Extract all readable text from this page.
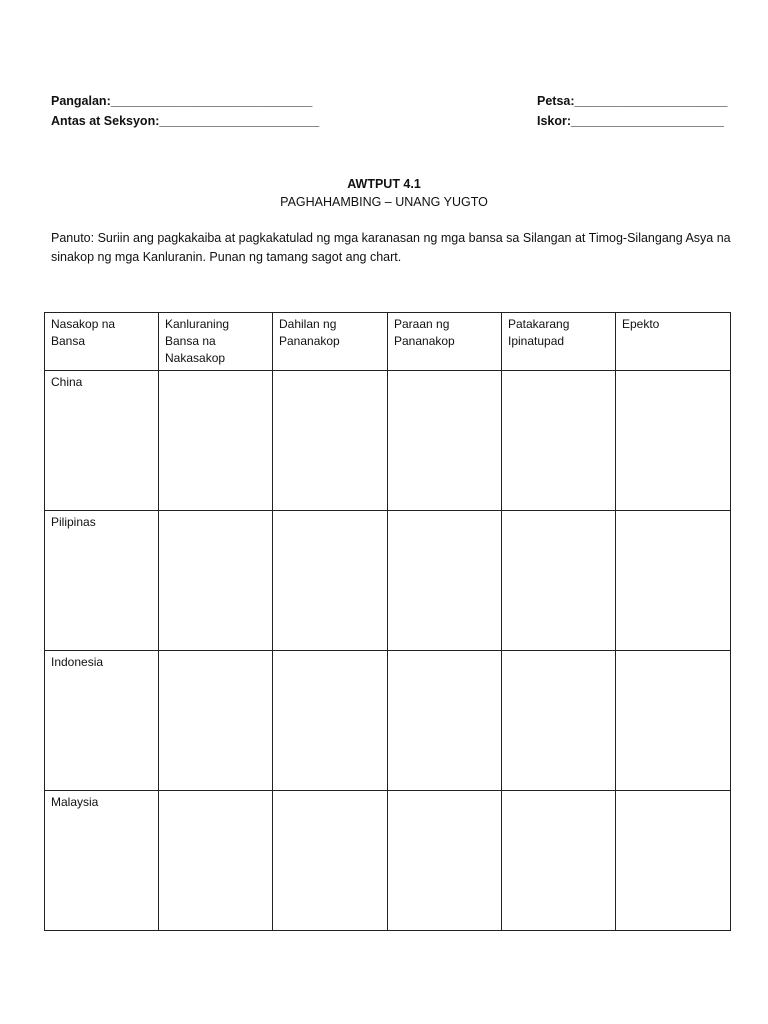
Pangalan:_____________________________
Antas at Seksyon:_______________________
Petsa:______________________
Iskor:______________________
AWTPUT 4.1
PAGHAHAMBING – UNANG YUGTO

Panuto: Suriin ang pagkakaiba at pagkakatulad ng mga karanasan ng mga bansa sa Silangan at Timog-Silangang Asya na sinakop ng mga Kanluranin. Punan ng tamang sagot ang chart.

Nasakop na Bansa	Kanluraning Bansa na Nakasakop	Dahilan ng Pananakop	Paraan ng Pananakop	Patakarang Ipinatupad	Epekto
China					
Pilipinas					
Indonesia					
Malaysia					
